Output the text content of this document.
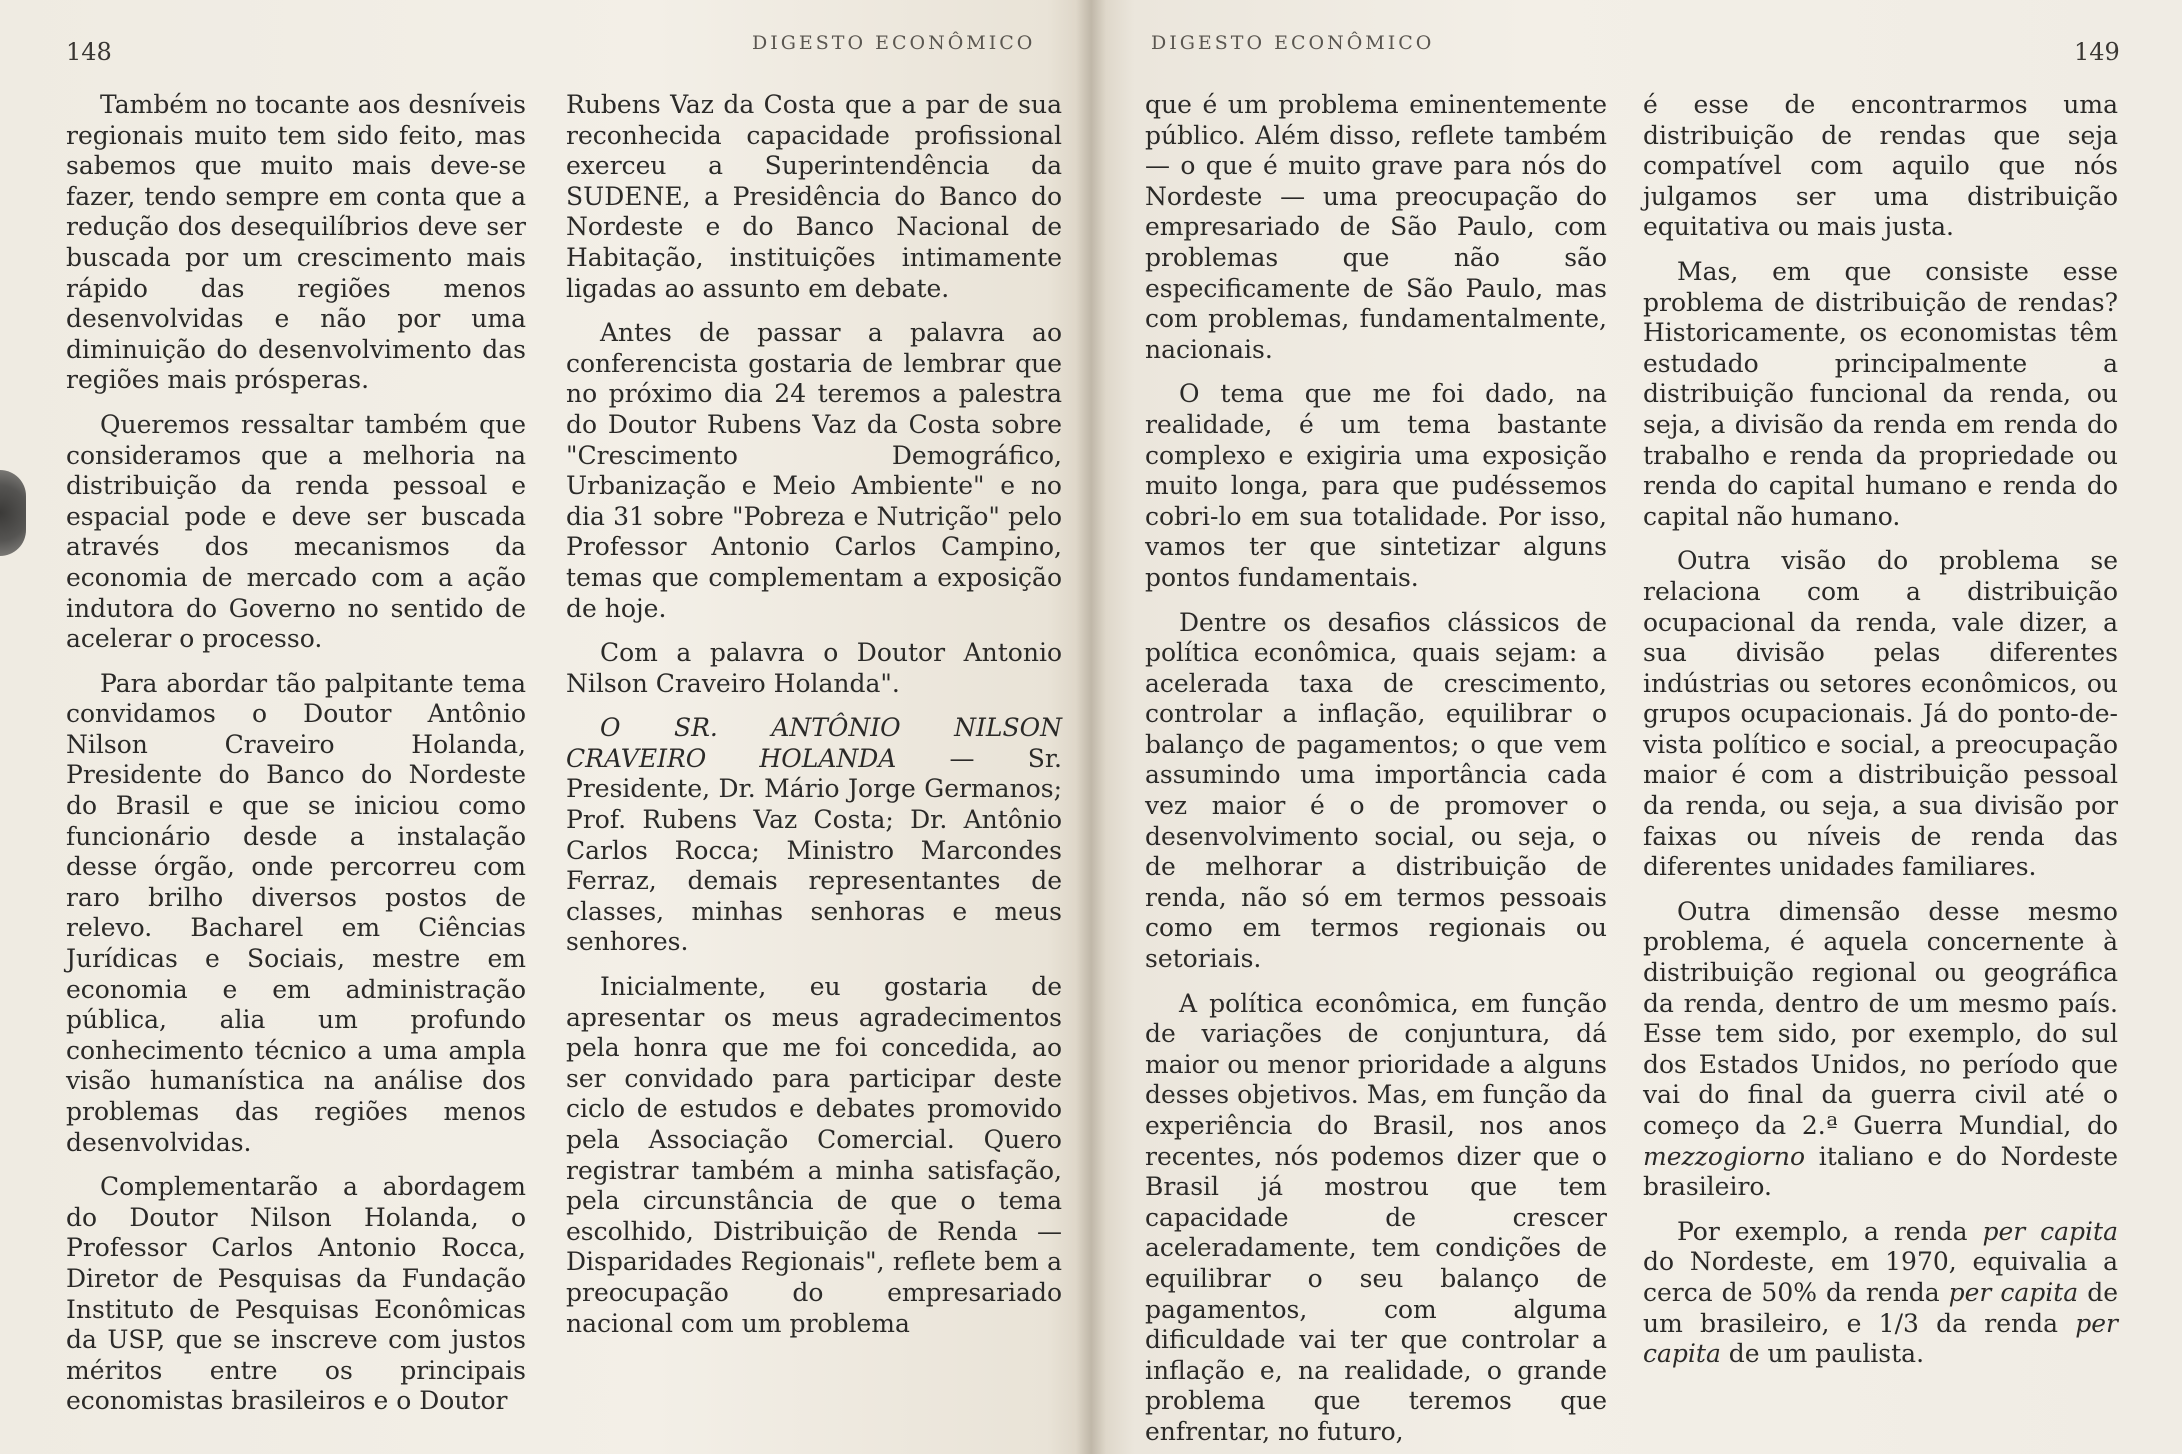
148	DIGESTO ECONÔMICO

Também no tocante aos desníveis regionais muito tem sido feito, mas sabemos que muito mais deve-se fazer, tendo sempre em conta que a redução dos desequilíbrios deve ser buscada por um crescimento mais rápido das regiões menos desenvolvidas e não por uma diminuição do desenvolvimento das regiões mais prósperas.

Queremos ressaltar também que consideramos que a melhoria na distribuição da renda pessoal e espacial pode e deve ser buscada através dos mecanismos da economia de mercado com a ação indutora do Governo no sentido de acelerar o processo.

Para abordar tão palpitante tema convidamos o Doutor Antônio Nilson Craveiro Holanda, Presidente do Banco do Nordeste do Brasil e que se iniciou como funcionário desde a instalação desse órgão, onde percorreu com raro brilho diversos postos de relevo. Bacharel em Ciências Jurídicas e Sociais, mestre em economia e em administração pública, alia um profundo conhecimento técnico a uma ampla visão humanística na análise dos problemas das regiões menos desenvolvidas.

Complementarão a abordagem do Doutor Nilson Holanda, o Professor Carlos Antonio Rocca, Diretor de Pesquisas da Fundação Instituto de Pesquisas Econômicas da USP, que se inscreve com justos méritos entre os principais economistas brasileiros e o Doutor

Rubens Vaz da Costa que a par de sua reconhecida capacidade profissional exerceu a Superintendência da SUDENE, a Presidência do Banco do Nordeste e do Banco Nacional de Habitação, instituições intimamente ligadas ao assunto em debate.

Antes de passar a palavra ao conferencista gostaria de lembrar que no próximo dia 24 teremos a palestra do Doutor Rubens Vaz da Costa sobre "Crescimento Demográfico, Urbanização e Meio Ambiente" e no dia 31 sobre "Pobreza e Nutrição" pelo Professor Antonio Carlos Campino, temas que complementam a exposição de hoje.

Com a palavra o Doutor Antonio Nilson Craveiro Holanda".

O SR. ANTÔNIO NILSON CRAVEIRO HOLANDA — Sr. Presidente, Dr. Mário Jorge Germanos; Prof. Rubens Vaz Costa; Dr. Antônio Carlos Rocca; Ministro Marcondes Ferraz, demais representantes de classes, minhas senhoras e meus senhores.

Inicialmente, eu gostaria de apresentar os meus agradecimentos pela honra que me foi concedida, ao ser convidado para participar deste ciclo de estudos e debates promovido pela Associação Comercial. Quero registrar também a minha satisfação, pela circunstância de que o tema escolhido, Distribuição de Renda — Disparidades Regionais", reflete bem a preocupação do empresariado nacional com um problema

DIGESTO ECONÔMICO	149

que é um problema eminentemente público. Além disso, reflete também — o que é muito grave para nós do Nordeste — uma preocupação do empresariado de São Paulo, com problemas que não são especificamente de São Paulo, mas com problemas, fundamentalmente, nacionais.

O tema que me foi dado, na realidade, é um tema bastante complexo e exigiria uma exposição muito longa, para que pudéssemos cobri-lo em sua totalidade. Por isso, vamos ter que sintetizar alguns pontos fundamentais.

Dentre os desafios clássicos de política econômica, quais sejam: a acelerada taxa de crescimento, controlar a inflação, equilibrar o balanço de pagamentos; o que vem assumindo uma importância cada vez maior é o de promover o desenvolvimento social, ou seja, o de melhorar a distribuição de renda, não só em termos pessoais como em termos regionais ou setoriais.

A política econômica, em função de variações de conjuntura, dá maior ou menor prioridade a alguns desses objetivos. Mas, em função da experiência do Brasil, nos anos recentes, nós podemos dizer que o Brasil já mostrou que tem capacidade de crescer aceleradamente, tem condições de equilibrar o seu balanço de pagamentos, com alguma dificuldade vai ter que controlar a inflação e, na realidade, o grande problema que teremos que enfrentar, no futuro,

é esse de encontrarmos uma distribuição de rendas que seja compatível com aquilo que nós julgamos ser uma distribuição equitativa ou mais justa.

Mas, em que consiste esse problema de distribuição de rendas? Historicamente, os economistas têm estudado principalmente a distribuição funcional da renda, ou seja, a divisão da renda em renda do trabalho e renda da propriedade ou renda do capital humano e renda do capital não humano.

Outra visão do problema se relaciona com a distribuição ocupacional da renda, vale dizer, a sua divisão pelas diferentes indústrias ou setores econômicos, ou grupos ocupacionais. Já do ponto-de-vista político e social, a preocupação maior é com a distribuição pessoal da renda, ou seja, a sua divisão por faixas ou níveis de renda das diferentes unidades familiares.

Outra dimensão desse mesmo problema, é aquela concernente à distribuição regional ou geográfica da renda, dentro de um mesmo país. Esse tem sido, por exemplo, do sul dos Estados Unidos, no período que vai do final da guerra civil até o começo da 2.ª Guerra Mundial, do mezzogiorno italiano e do Nordeste brasileiro.

Por exemplo, a renda per capita do Nordeste, em 1970, equivalia a cerca de 50% da renda per capita de um brasileiro, e 1/3 da renda per capita de um paulista.
